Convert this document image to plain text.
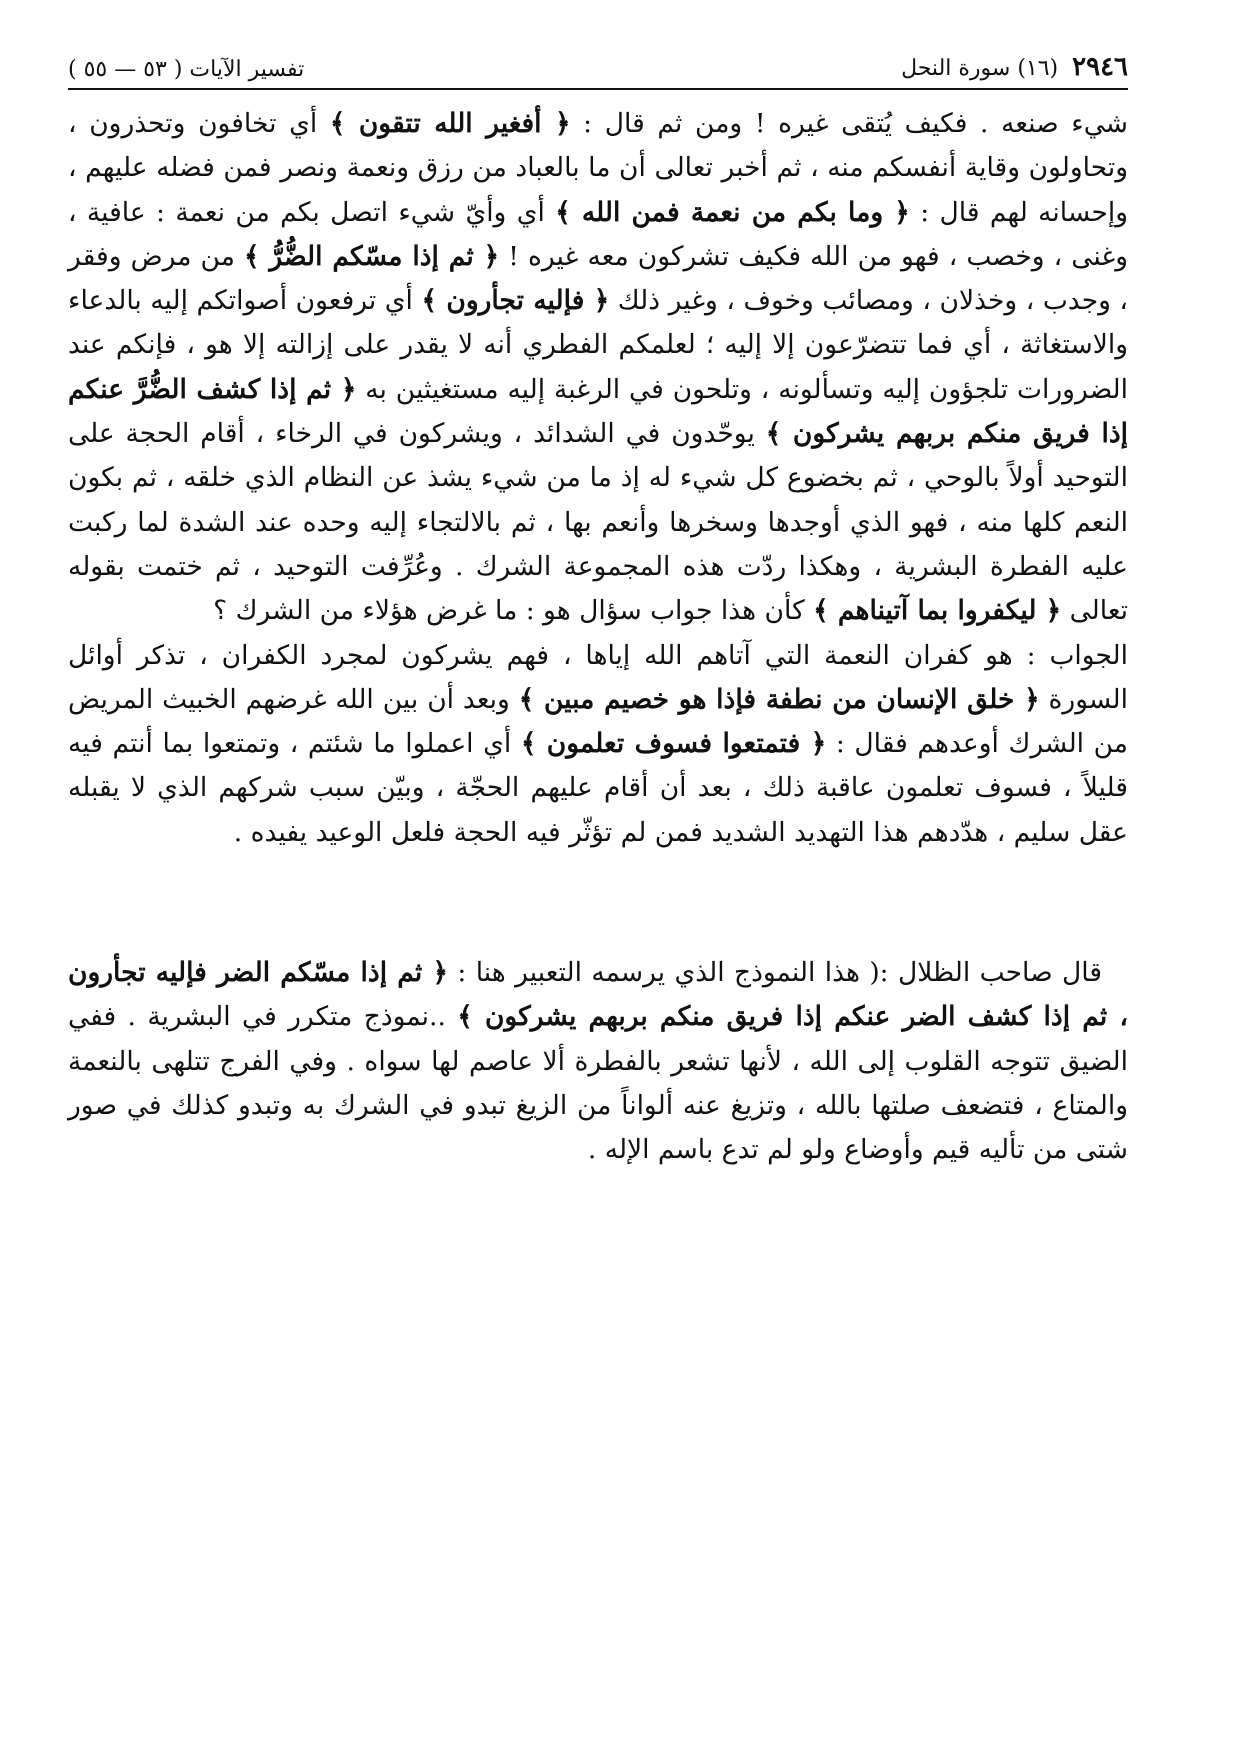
٢٩٤٦
(١٦) سورة النحل
تفسير الآيات ( ٥٣ — ٥٥ )

شيء صنعه . فكيف يُتقى غيره ! ومن ثم قال : ﴿ أفغير الله تتقون ﴾ أي تخافون وتحذرون ، وتحاولون وقاية أنفسكم منه ، ثم أخبر تعالى أن ما بالعباد من رزق ونعمة ونصر فمن فضله عليهم ، وإحسانه لهم قال : ﴿ وما بكم من نعمة فمن الله ﴾ أي وأيّ شيء اتصل بكم من نعمة : عافية ، وغنى ، وخصب ، فهو من الله فكيف تشركون معه غيره ! ﴿ ثم إذا مسّكم الضُّرُّ ﴾ من مرض وفقر ، وجدب ، وخذلان ، ومصائب وخوف ، وغير ذلك ﴿ فإليه تجأرون ﴾ أي ترفعون أصواتكم إليه بالدعاء والاستغاثة ، أي فما تتضرّعون إلا إليه ؛ لعلمكم الفطري أنه لا يقدر على إزالته إلا هو ، فإنكم عند الضرورات تلجؤون إليه وتسألونه ، وتلحون في الرغبة إليه مستغيثين به ﴿ ثم إذا كشف الضُّرَّ عنكم إذا فريق منكم بربهم يشركون ﴾ يوحّدون في الشدائد ، ويشركون في الرخاء ، أقام الحجة على التوحيد أولاً بالوحي ، ثم بخضوع كل شيء له إذ ما من شيء يشذ عن النظام الذي خلقه ، ثم بكون النعم كلها منه ، فهو الذي أوجدها وسخرها وأنعم بها ، ثم بالالتجاء إليه وحده عند الشدة لما ركبت عليه الفطرة البشرية ، وهكذا ردّت هذه المجموعة الشرك . وعُرِّفت التوحيد ، ثم ختمت بقوله تعالى ﴿ ليكفروا بما آتيناهم ﴾ كأن هذا جواب سؤال هو : ما غرض هؤلاء من الشرك ؟

الجواب : هو كفران النعمة التي آتاهم الله إياها ، فهم يشركون لمجرد الكفران ، تذكر أوائل السورة ﴿ خلق الإنسان من نطفة فإذا هو خصيم مبين ﴾ وبعد أن بين الله غرضهم الخبيث المريض من الشرك أوعدهم فقال : ﴿ فتمتعوا فسوف تعلمون ﴾ أي اعملوا ما شئتم ، وتمتعوا بما أنتم فيه قليلاً ، فسوف تعلمون عاقبة ذلك ، بعد أن أقام عليهم الحجّة ، وبيّن سبب شركهم الذي لا يقبله عقل سليم ، هدّدهم هذا التهديد الشديد فمن لم تؤثّر فيه الحجة فلعل الوعيد يفيده .

قال صاحب الظلال :( هذا النموذج الذي يرسمه التعبير هنا : ﴿ ثم إذا مسّكم الضر فإليه تجأرون ، ثم إذا كشف الضر عنكم إذا فريق منكم بربهم يشركون ﴾ ..نموذج متكرر في البشرية . ففي الضيق تتوجه القلوب إلى الله ، لأنها تشعر بالفطرة ألا عاصم لها سواه . وفي الفرج تتلهى بالنعمة والمتاع ، فتضعف صلتها بالله ، وتزيغ عنه ألواناً من الزيغ تبدو في الشرك به وتبدو كذلك في صور شتى من تأليه قيم وأوضاع ولو لم تدع باسم الإله .
